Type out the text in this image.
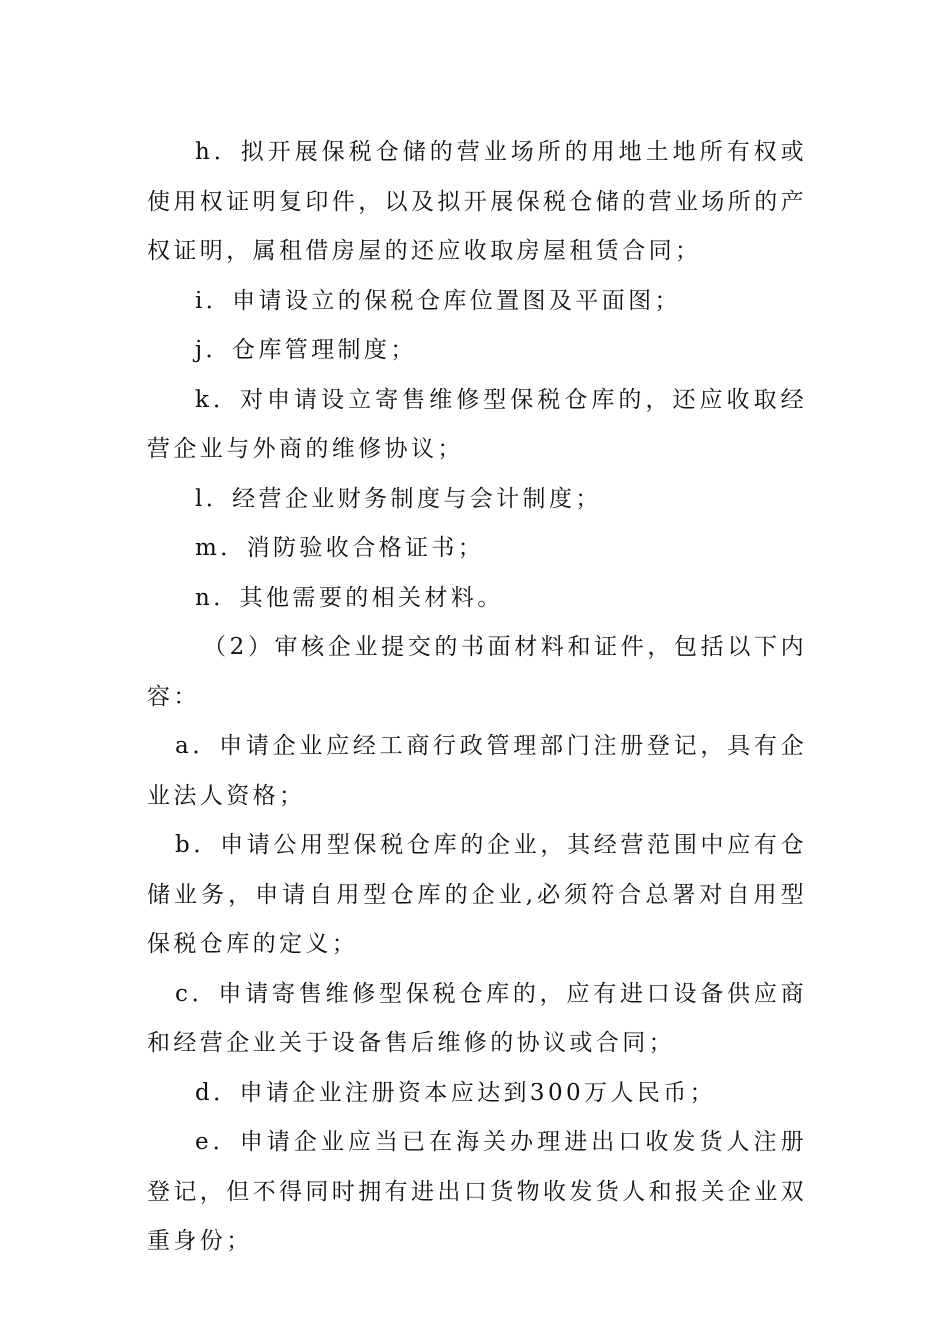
h．拟开展保税仓储的营业场所的用地土地所有权或使用权证明复印件，以及拟开展保税仓储的营业场所的产权证明，属租借房屋的还应收取房屋租赁合同；

i．申请设立的保税仓库位置图及平面图；

j．仓库管理制度；

k．对申请设立寄售维修型保税仓库的，还应收取经营企业与外商的维修协议；

l．经营企业财务制度与会计制度；

m．消防验收合格证书；

n．其他需要的相关材料。

（2）审核企业提交的书面材料和证件，包括以下内容：

a．申请企业应经工商行政管理部门注册登记，具有企业法人资格；

b．申请公用型保税仓库的企业，其经营范围中应有仓储业务，申请自用型仓库的企业,必须符合总署对自用型保税仓库的定义；

c．申请寄售维修型保税仓库的，应有进口设备供应商和经营企业关于设备售后维修的协议或合同；

d．申请企业注册资本应达到300万人民币；

e．申请企业应当已在海关办理进出口收发货人注册登记，但不得同时拥有进出口货物收发货人和报关企业双重身份；
